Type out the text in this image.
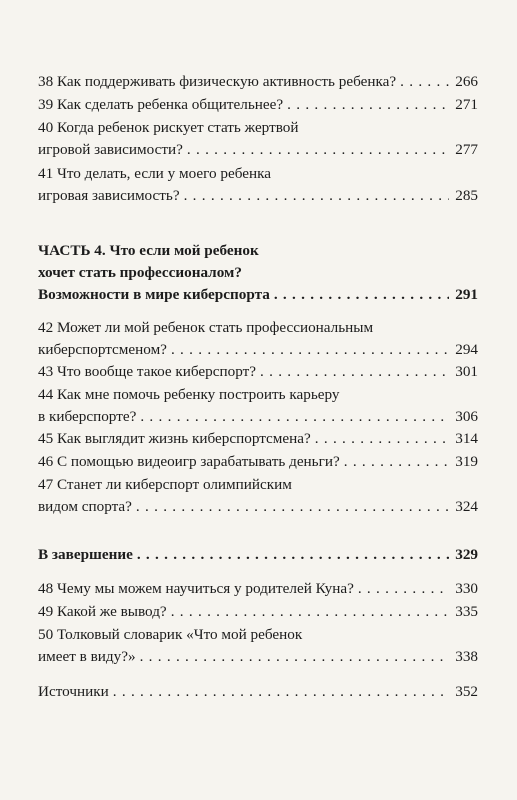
38 Как поддерживать физическую активность ребенка? . . .	266
39 Как сделать ребенка общительнее? . . .	271
40 Когда ребенок рискует стать жертвой
игровой зависимости? . . .	277
41 Что делать, если у моего ребенка
игровая зависимость? . . .	285
ЧАСТЬ 4. Что если мой ребенок
хочет стать профессионалом?
Возможности в мире киберспорта . . .	291
42 Может ли мой ребенок стать профессиональным
киберспортсменом? . . .	294
43 Что вообще такое киберспорт? . . .	301
44 Как мне помочь ребенку построить карьеру
в киберспорте? . . .	306
45 Как выглядит жизнь киберспортсмена? . . .	314
46 С помощью видеоигр зарабатывать деньги? . . .	319
47 Станет ли киберспорт олимпийским
видом спорта? . . .	324
В завершение . . .	329
48 Чему мы можем научиться у родителей Куна? . . .	330
49 Какой же вывод? . . .	335
50 Толковый словарик «Что мой ребенок
имеет в виду?» . . .	338
Источники . . .	352
